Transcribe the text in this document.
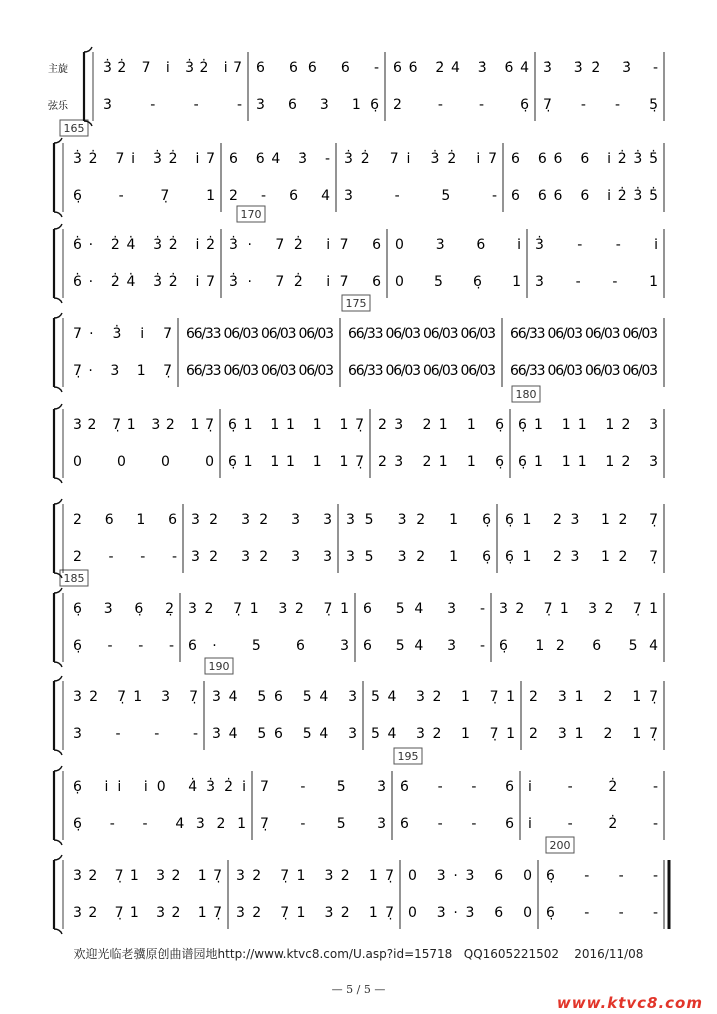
主旋
弦乐
165
170
175
180
185
190
195
200
3̇2̇ 7 i̇ 3̇2̇ i̇7 6 66 6 - 66 2̇4̇ 3̇ 6̇4̇ 3̇ 3̇2̇ 3̇ -
3 - - - 3 6 3 16̣ 2 - - 6̣ 7̣ - - 5̣
3̇2̇ 7i̇ 3̇2̇ i̇7 6 64 3̇ - 3̇2̇ 7i̇ 3̇2̇ i̇7 6 66 6 i̇2̇3̇5̇
6̣ - 7̣ 1 2 - 6 4 3 - 5 - 6 66 6 i̇2̇3̇5̇
6̇· 2̇4̇ 3̇2̇ i̇2̇ 3̇· 72̇ i̇7 6 0 3 6 i̇ 3̇ - - i̇
6̇· 2̇4̇ 3̇2̇ i̇7 3̇· 72̇ i̇7 6 0 5 6̣ 1 3 - - 1
7· 3̇ i̇ 7 66/33 06/03 06/03 06/03 66/33 06/03 06/03 06/03 66/33 06/03 06/03 06/03
7̣· 3 1 7̣ 66/33 06/03 06/03 06/03 66/33 06/03 06/03 06/03 66/33 06/03 06/03 06/03
32 7̣1 32 17̣ 6̣1 11 1 17̣ 23 21 1 6̣ 6̣1 11 12 3
0 0 0 0 6̣1 11 1 17̣ 23 21 1 6̣ 6̣1 11 12 3
2 6 1 6 32 32 3 3 35 32 1 6̣ 6̣1 23 12 7̣
2 - - - 32 32 3 3 35 32 1 6̣ 6̣1 23 12 7̣
6̣ 3 6̣ 2̣ 32 7̣1 32 7̣1 6 54 3 - 32 7̣1 32 7̣1
6̣ - - - 6· 5 6 3 6 54 3 - 6̣ 12 6 54
32 7̣1 3 7̣ 34 56 54 3 54 32 1 7̣1 2 31 2 17̣
3 - - - 34 56 54 3 54 32 1 7̣1 2 31 2 17̣
6̣ i̇i̇ i̇0 4̇3̇2̇i̇ 7 - 5̇ 3̇ 6̇ - - 6 i̇ - 2̇ -
6̣ - - 4321 7̣ - 5 3 6 - - 6 i̇ - 2̇ -
32 7̣1 32 17̣ 32 7̣1 32 17̣ 0 3·3 6 0 6̣ - - -
32 7̣1 32 17̣ 32 7̣1 32 17̣ 0 3·3 6 0 6̣ - - -
欢迎光临老骥原创曲谱园地http://www.ktvc8.com/U.asp?id=15718 QQ1605221502 2016/11/08
— 5 / 5 —
www.ktvc8.com
